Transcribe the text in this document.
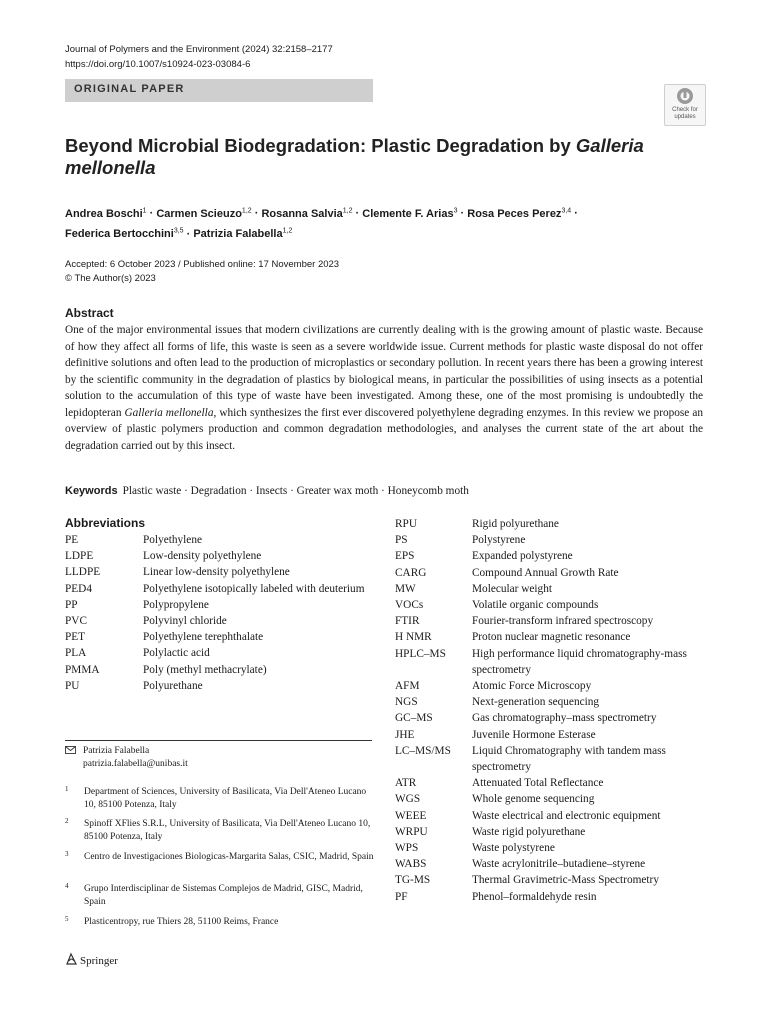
Journal of Polymers and the Environment (2024) 32:2158–2177
https://doi.org/10.1007/s10924-023-03084-6
ORIGINAL PAPER
Check for updates
Beyond Microbial Biodegradation: Plastic Degradation by Galleria mellonella
Andrea Boschi$^1$ · Carmen Scieuzo$^{1,2}$ · Rosanna Salvia$^{1,2}$ · Clemente F. Arias$^3$ · Rosa Peces Perez$^{3,4}$ ·
Federica Bertocchini$^{3,5}$ · Patrizia Falabella$^{1,2}$
Accepted: 6 October 2023 / Published online: 17 November 2023
© The Author(s) 2023
Abstract
One of the major environmental issues that modern civilizations are currently dealing with is the growing amount of plastic waste. Because of how they affect all forms of life, this waste is seen as a severe worldwide issue. Current methods for plastic waste disposal do not offer definitive solutions and often lead to the production of microplastics or secondary pollution. In recent years there has been a growing interest by the scientific community in the degradation of plastics by biological means, in particular the possibilities of using insects as a potential solution to the accumulation of this type of waste have been investigated. Among these, one of the most promising is undoubtedly the lepidopteran Galleria mellonella, which synthesizes the first ever discovered polyethylene degrading enzymes. In this review we propose an overview of plastic polymers production and common degradation methodologies, and analyses the current state of the art about the degradation carried out by this insect.
Keywords Plastic waste · Degradation · Insects · Greater wax moth · Honeycomb moth
Abbreviations
PE	Polyethylene
LDPE	Low-density polyethylene
LLDPE	Linear low-density polyethylene
PED4	Polyethylene isotopically labeled with deuterium
PP	Polypropylene
PVC	Polyvinyl chloride
PET	Polyethylene terephthalate
PLA	Polylactic acid
PMMA	Poly (methyl methacrylate)
PU	Polyurethane
RPU	Rigid polyurethane
PS	Polystyrene
EPS	Expanded polystyrene
CARG	Compound Annual Growth Rate
MW	Molecular weight
VOCs	Volatile organic compounds
FTIR	Fourier-transform infrared spectroscopy
H NMR	Proton nuclear magnetic resonance
HPLC–MS	High performance liquid chromatography-mass spectrometry
AFM	Atomic Force Microscopy
NGS	Next-generation sequencing
GC–MS	Gas chromatography–mass spectrometry
JHE	Juvenile Hormone Esterase
LC–MS/MS	Liquid Chromatography with tandem mass spectrometry
ATR	Attenuated Total Reflectance
WGS	Whole genome sequencing
WEEE	Waste electrical and electronic equipment
WRPU	Waste rigid polyurethane
WPS	Waste polystyrene
WABS	Waste acrylonitrile–butadiene–styrene
TG-MS	Thermal Gravimetric-Mass Spectrometry
PF	Phenol–formaldehyde resin
Patrizia Falabella
patrizia.falabella@unibas.it
1 Department of Sciences, University of Basilicata, Via Dell'Ateneo Lucano 10, 85100 Potenza, Italy
2 Spinoff XFlies S.R.L, University of Basilicata, Via Dell'Ateneo Lucano 10, 85100 Potenza, Italy
3 Centro de Investigaciones Biologicas-Margarita Salas, CSIC, Madrid, Spain
4 Grupo Interdisciplinar de Sistemas Complejos de Madrid, GISC, Madrid, Spain
5 Plasticentropy, rue Thiers 28, 51100 Reims, France
Springer
